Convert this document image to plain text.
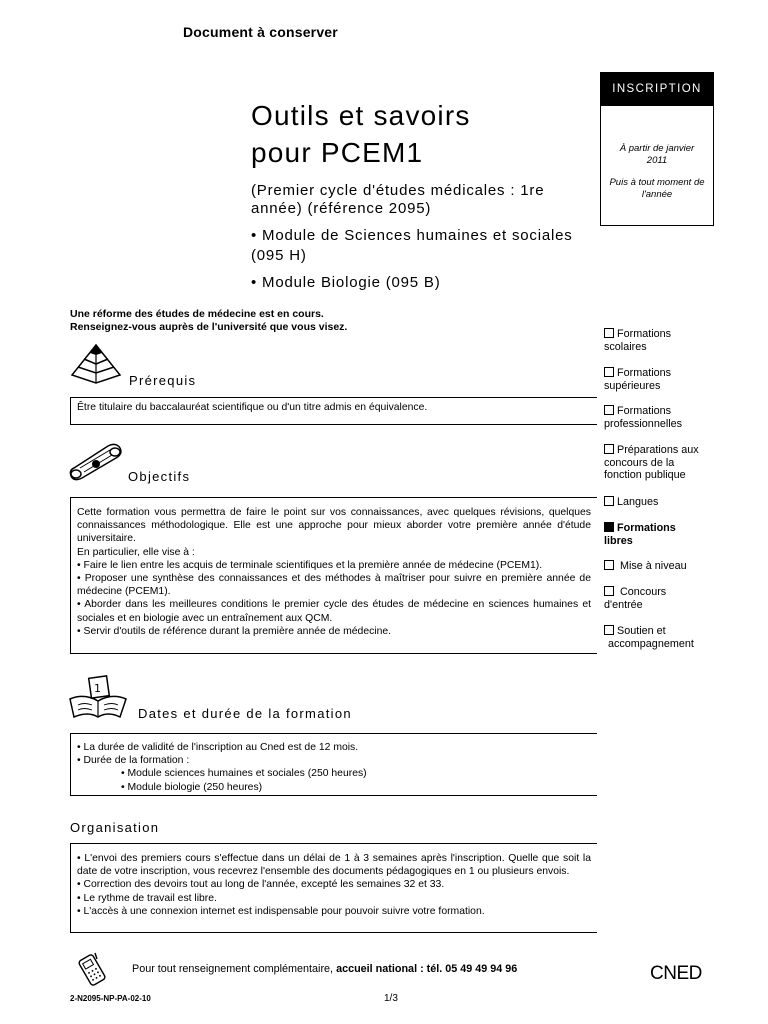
Document à conserver
Outils et savoirs
pour PCEM1
(Premier cycle d'études médicales : 1re année) (référence 2095)
• Module de Sciences humaines et sociales (095 H)
• Module Biologie (095 B)
INSCRIPTION
À partir de janvier
2011
Puis à tout moment de
l'année
Une réforme des études de médecine est en cours.
Renseignez-vous auprès de l'université que vous visez.
Prérequis

Être titulaire du baccalauréat scientifique ou d'un titre admis en équivalence.

Objectifs

Cette formation vous permettra de faire le point sur vos connaissances, avec quelques révisions, quelques connaissances méthodologique. Elle est une approche pour mieux aborder votre première année d'étude universitaire.

En particulier, elle vise à :

• Faire le lien entre les acquis de terminale scientifiques et la première année de médecine (PCEM1).

• Proposer une synthèse des connaissances et des méthodes à maîtriser pour suivre en première année de médecine (PCEM1).

• Aborder dans les meilleures conditions le premier cycle des études de médecine en sciences humaines et sociales et en biologie avec un entraînement aux QCM.

• Servir d'outils de référence durant la première année de médecine.

1
Dates et durée de la formation

• La durée de validité de l'inscription au Cned est de 12 mois.

• Durée de la formation :

• Module sciences humaines et sociales (250 heures)

• Module biologie (250 heures)

Organisation

• L'envoi des premiers cours s'effectue dans un délai de 1 à 3 semaines après l'inscription. Quelle que soit la date de votre inscription, vous recevrez l'ensemble des documents pédagogiques en 1 ou plusieurs envois.

• Correction des devoirs tout au long de l'année, excepté les semaines 32 et 33.

• Le rythme de travail est libre.

• L'accès à une connexion internet est indispensable pour pouvoir suivre votre formation.

Formations
scolaires
Formations
supérieures
Formations
professionnelles
Préparations aux
concours de la
fonction publique
Langues
Formations
libres
Mise à niveau
Concours
d'entrée
Soutien et
accompagnement
Pour tout renseignement complémentaire, accueil national : tél. 05 49 49 94 96	CNED
2-N2095-NP-PA-02-10	1/3
